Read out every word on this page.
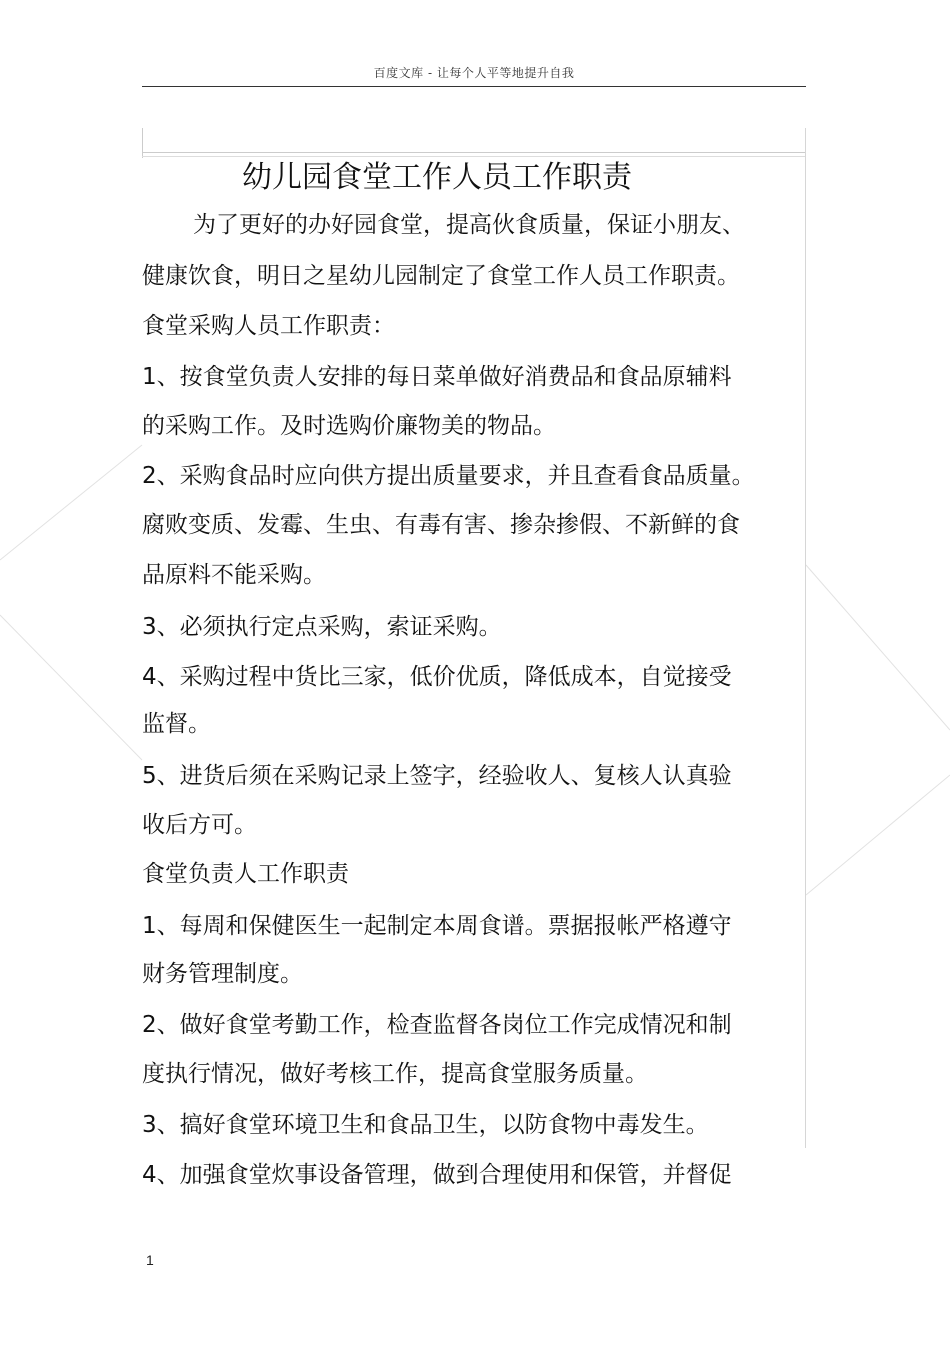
百度文库 - 让每个人平等地提升自我
幼儿园食堂工作人员工作职责
为了更好的办好园食堂，提高伙食质量，保证小朋友、
健康饮食，明日之星幼儿园制定了食堂工作人员工作职责。
食堂采购人员工作职责：
1、按食堂负责人安排的每日菜单做好消费品和食品原辅料
的采购工作。及时选购价廉物美的物品。
2、采购食品时应向供方提出质量要求，并且查看食品质量。
腐败变质、发霉、生虫、有毒有害、掺杂掺假、不新鲜的食
品原料不能采购。
3、必须执行定点采购，索证采购。
4、采购过程中货比三家，低价优质，降低成本，自觉接受
监督。
5、进货后须在采购记录上签字，经验收人、复核人认真验
收后方可。
食堂负责人工作职责
1、每周和保健医生一起制定本周食谱。票据报帐严格遵守
财务管理制度。
2、做好食堂考勤工作，检查监督各岗位工作完成情况和制
度执行情况，做好考核工作，提高食堂服务质量。
3、搞好食堂环境卫生和食品卫生，以防食物中毒发生。
4、加强食堂炊事设备管理，做到合理使用和保管，并督促
1
